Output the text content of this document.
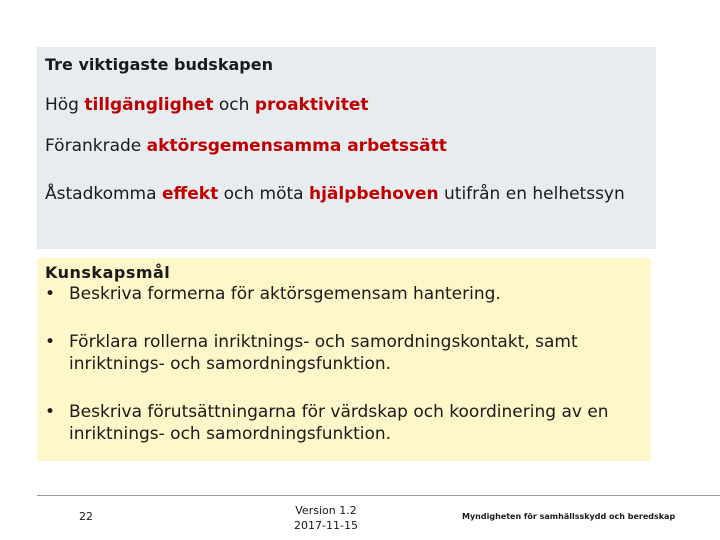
Tre viktigaste budskapen
Hög tillgänglighet och proaktivitet
Förankrade aktörsgemensamma arbetssätt
Åstadkomma effekt och möta hjälpbehoven utifrån en helhetssyn
Kunskapsmål
• Beskriva formerna för aktörsgemensam hantering.
• Förklara rollerna inriktnings- och samordningskontakt, samt inriktnings- och samordningsfunktion.
• Beskriva förutsättningarna för värdskap och koordinering av en inriktnings- och samordningsfunktion.
22	Version 1.2
2017-11-15
Myndigheten för samhällsskydd och beredskap
